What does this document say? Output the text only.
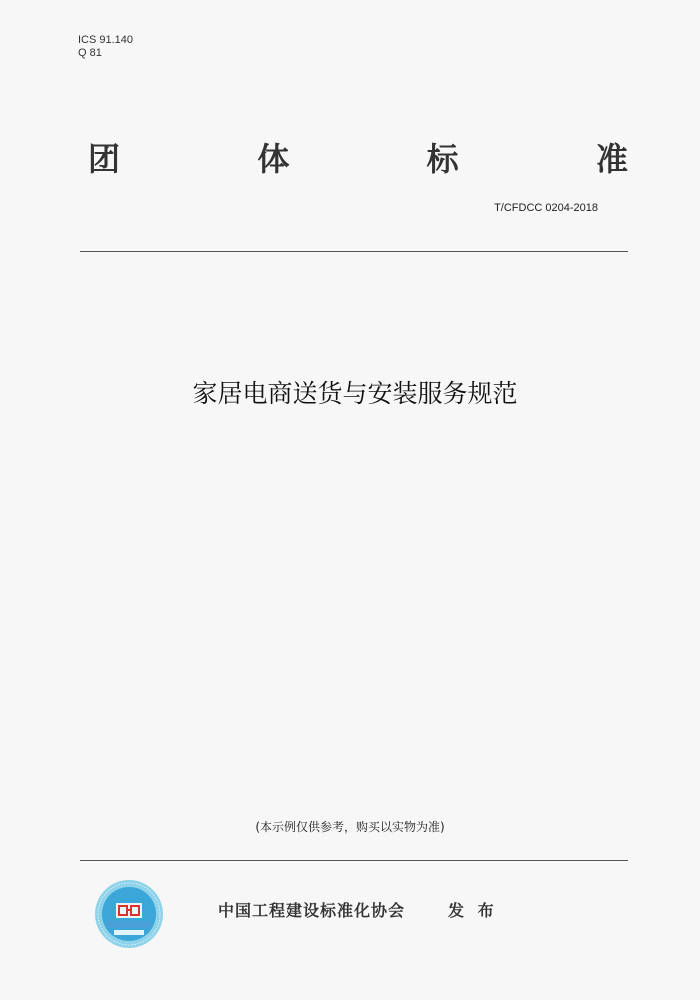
ICS 91.140
Q 81
团	体	标	准
T/CFDCC 0204-2018
家居电商送货与安装服务规范
(本示例仅供参考，购买以实物为准)
中国工程建设标准化协会	发 布
